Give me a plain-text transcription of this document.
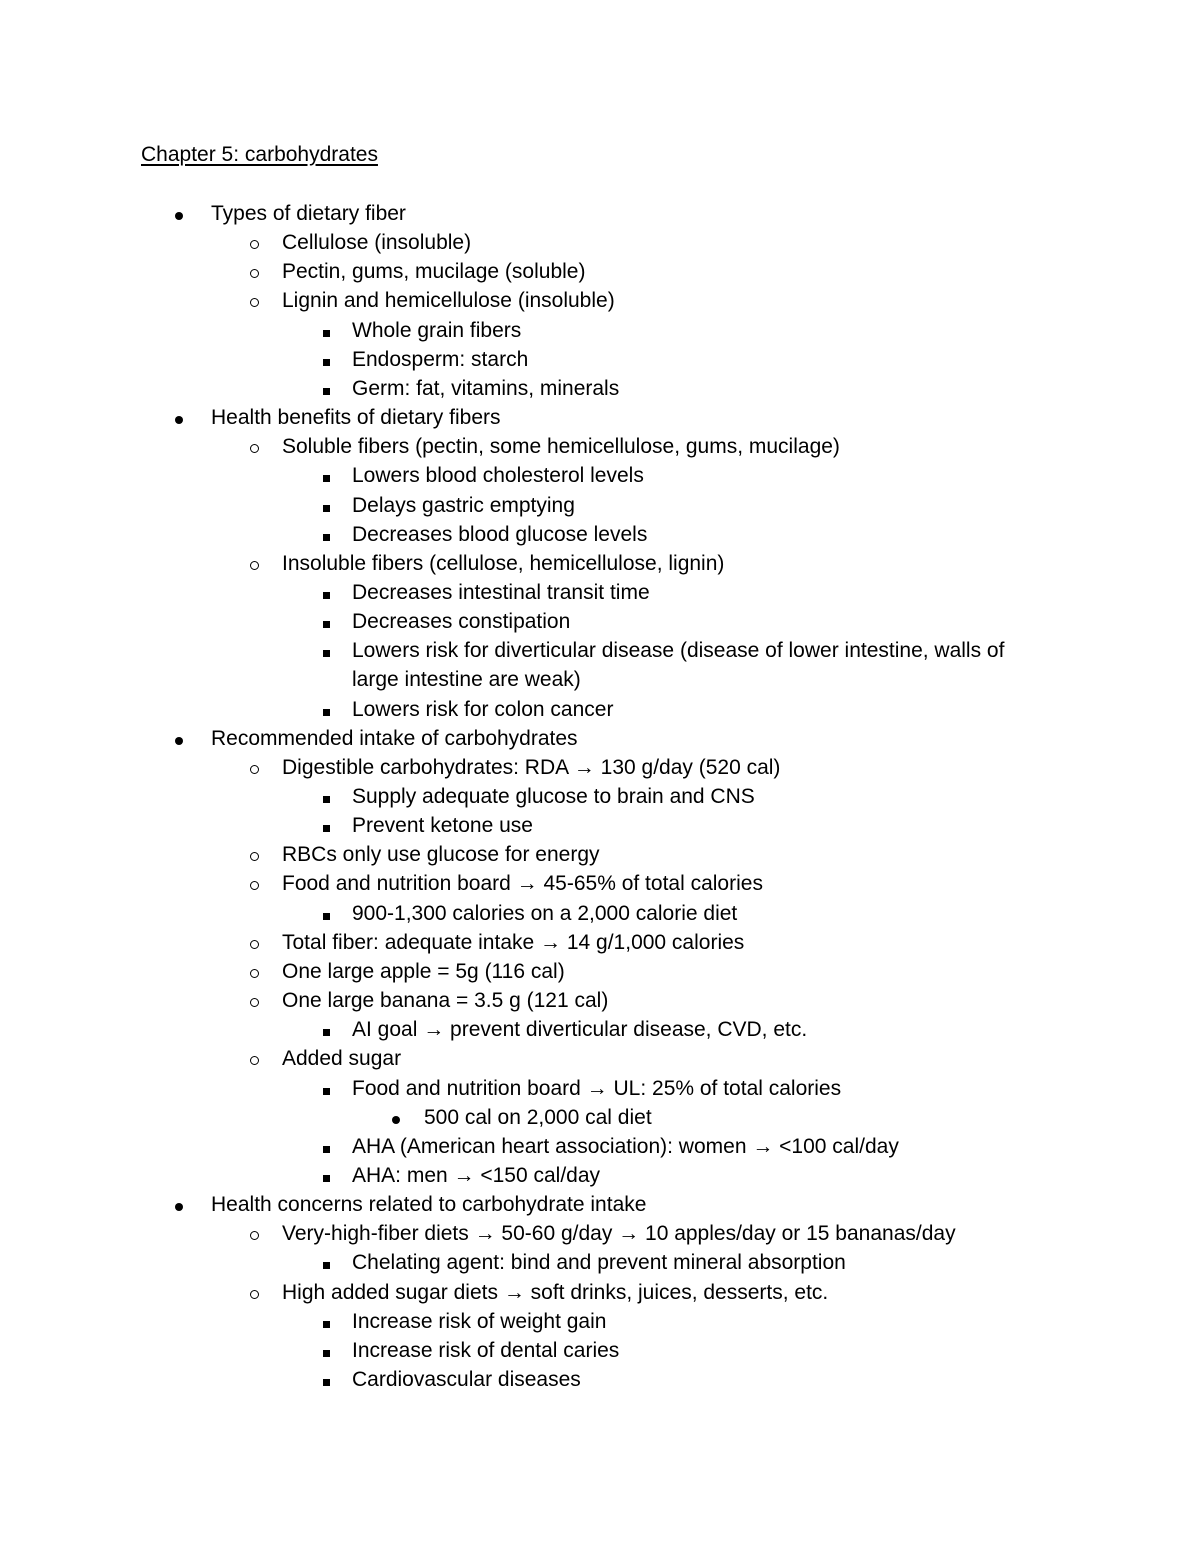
Chapter 5: carbohydrates
Types of dietary fiber
Cellulose (insoluble)
Pectin, gums, mucilage (soluble)
Lignin and hemicellulose (insoluble)
Whole grain fibers
Endosperm: starch
Germ: fat, vitamins, minerals
Health benefits of dietary fibers
Soluble fibers (pectin, some hemicellulose, gums, mucilage)
Lowers blood cholesterol levels
Delays gastric emptying
Decreases blood glucose levels
Insoluble fibers (cellulose, hemicellulose, lignin)
Decreases intestinal transit time
Decreases constipation
Lowers risk for diverticular disease (disease of lower intestine, walls of
large intestine are weak)
Lowers risk for colon cancer
Recommended intake of carbohydrates
Digestible carbohydrates: RDA → 130 g/day (520 cal)
Supply adequate glucose to brain and CNS
Prevent ketone use
RBCs only use glucose for energy
Food and nutrition board → 45-65% of total calories
900-1,300 calories on a 2,000 calorie diet
Total fiber: adequate intake → 14 g/1,000 calories
One large apple = 5g (116 cal)
One large banana = 3.5 g (121 cal)
AI goal → prevent diverticular disease, CVD, etc.
Added sugar
Food and nutrition board → UL: 25% of total calories
500 cal on 2,000 cal diet
AHA (American heart association): women → <100 cal/day
AHA: men → <150 cal/day
Health concerns related to carbohydrate intake
Very-high-fiber diets → 50-60 g/day → 10 apples/day or 15 bananas/day
Chelating agent: bind and prevent mineral absorption
High added sugar diets → soft drinks, juices, desserts, etc.
Increase risk of weight gain
Increase risk of dental caries
Cardiovascular diseases
